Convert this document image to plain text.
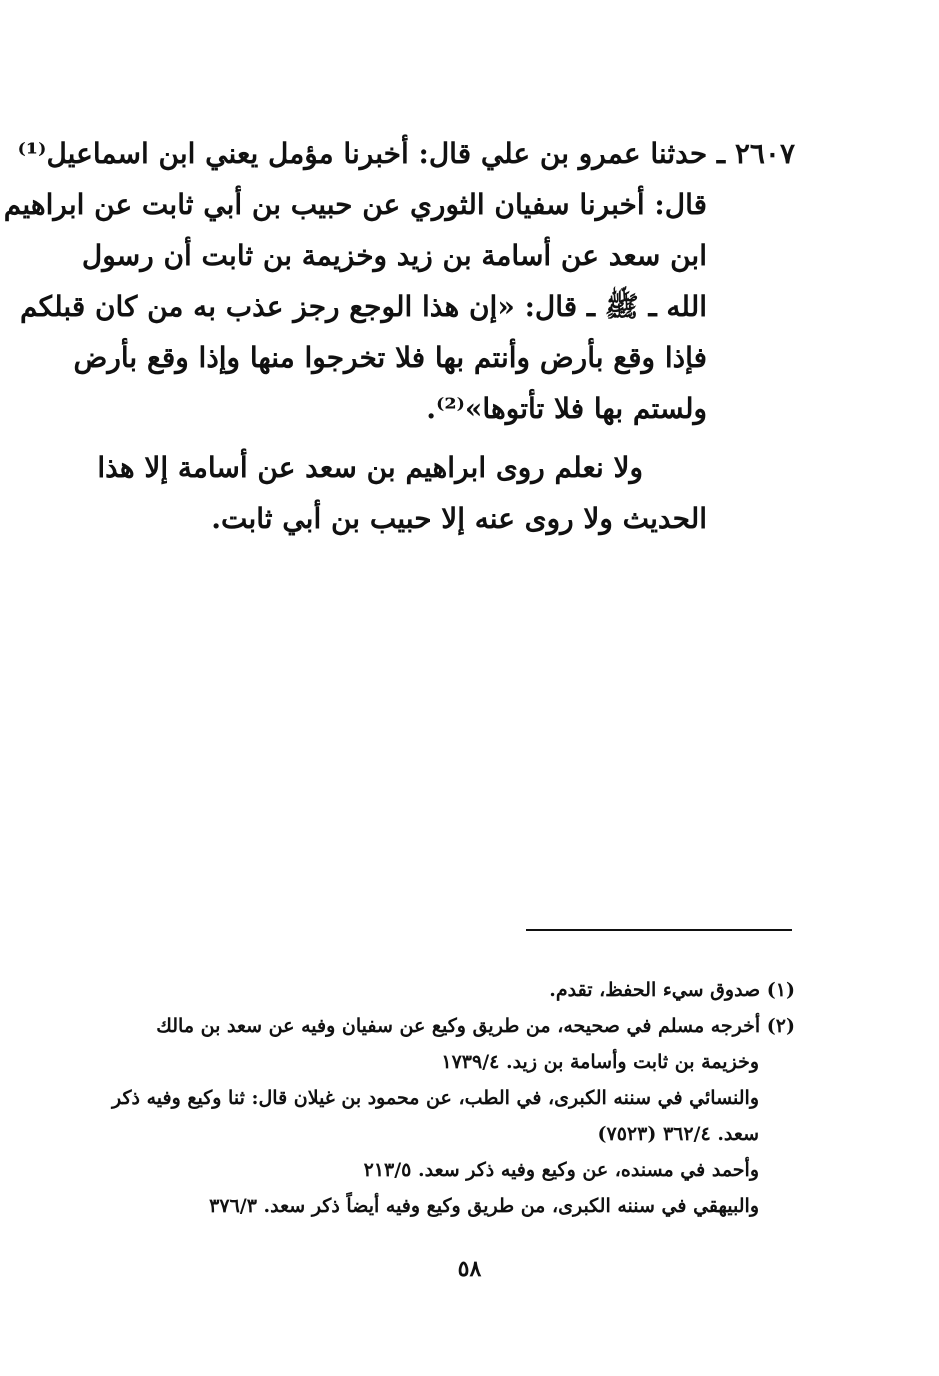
٢٦٠٧ ـ حدثنا عمرو بن علي قال: أخبرنا مؤمل يعني ابن اسماعيل⁽¹⁾
قال: أخبرنا سفيان الثوري عن حبيب بن أبي ثابت عن ابراهيم
ابن سعد عن أسامة بن زيد وخزيمة بن ثابت أن رسول
الله ـ ﷺ ـ قال: «إن هذا الوجع رجز عذب به من كان قبلكم
فإذا وقع بأرض وأنتم بها فلا تخرجوا منها وإذا وقع بأرض
ولستم بها فلا تأتوها»⁽²⁾.
ولا نعلم روى ابراهيم بن سعد عن أسامة إلا هذا
الحديث ولا روى عنه إلا حبيب بن أبي ثابت.
(١) صدوق سيء الحفظ، تقدم.
(٢) أخرجه مسلم في صحيحه، من طريق وكيع عن سفيان وفيه عن سعد بن مالك
وخزيمة بن ثابت وأسامة بن زيد. ١٧٣٩/٤
والنسائي في سننه الكبرى، في الطب، عن محمود بن غيلان قال: ثنا وكيع وفيه ذكر
سعد. ٣٦٢/٤ (٧٥٢٣)
وأحمد في مسنده، عن وكيع وفيه ذكر سعد. ٢١٣/٥
والبيهقي في سننه الكبرى، من طريق وكيع وفيه أيضاً ذكر سعد. ٣٧٦/٣
٥٨
